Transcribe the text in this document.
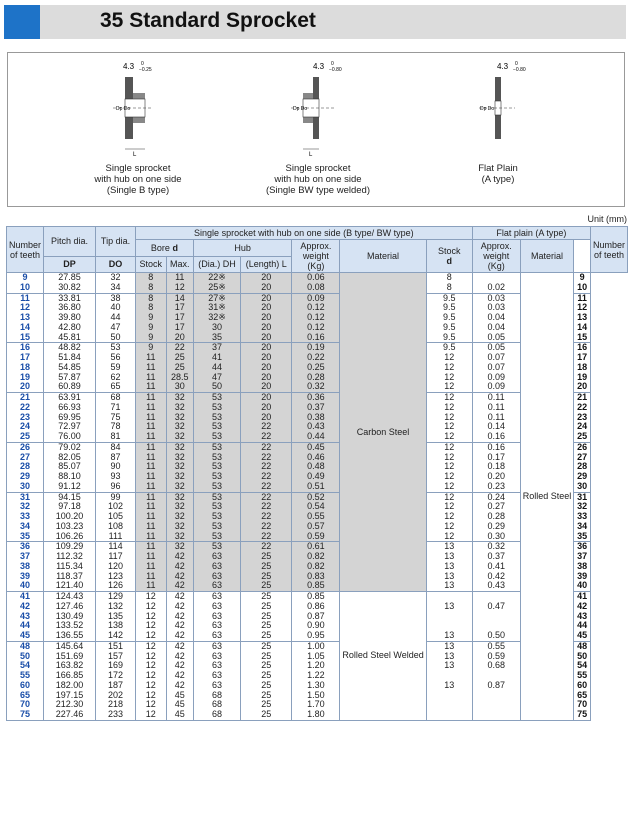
35 Standard Sprocket
4.3 0
−0.25
Dp Do
L
Single sprocket
with hub on one side
(Single B type)
4.3 0
−0.80
Dp Do
L
Single sprocket
with hub on one side
(Single BW type welded)
4.3 0
−0.80
Dp Do
Flat Plain
(A type)
Unit (mm)
Number of teeth	Pitch dia.	Tip dia.	Single sprocket with hub on one side (B type/ BW type)							Flat plain (A type)			Number of teeth
			Bore d		Hub		Approx. weight (Kg)	Material	Stock
d	Approx. weight (Kg)	Material		
	DP	DO	Stock	Max.	(Dia.) DH	(Length) L							
9	27.85	32	8	11	22※	20	0.06	Carbon Steel	8		Rolled Steel	9	
10	30.82	34	8	12	25※	20	0.08		8	0.02		10	
11	33.81	38	8	14	27※	20	0.09		9.5	0.03		11	
12	36.80	40	8	17	31※	20	0.12		9.5	0.03		12	
13	39.80	44	9	17	32※	20	0.12		9.5	0.04		13	
14	42.80	47	9	17	30	20	0.12		9.5	0.04		14	
15	45.81	50	9	20	35	20	0.16		9.5	0.05		15	
16	48.82	53	9	22	37	20	0.19		9.5	0.05		16	
17	51.84	56	11	25	41	20	0.22		12	0.07		17	
18	54.85	59	11	25	44	20	0.25		12	0.07		18	
19	57.87	62	11	28.5	47	20	0.28		12	0.09		19	
20	60.89	65	11	30	50	20	0.32		12	0.09		20	
21	63.91	68	11	32	53	20	0.36		12	0.11		21	
22	66.93	71	11	32	53	20	0.37		12	0.11		22	
23	69.95	75	11	32	53	20	0.38		12	0.11		23	
24	72.97	78	11	32	53	22	0.43		12	0.14		24	
25	76.00	81	11	32	53	22	0.44		12	0.16		25	
26	79.02	84	11	32	53	22	0.45		12	0.16		26	
27	82.05	87	11	32	53	22	0.46		12	0.17		27	
28	85.07	90	11	32	53	22	0.48		12	0.18		28	
29	88.10	93	11	32	53	22	0.49		12	0.20		29	
30	91.12	96	11	32	53	22	0.51		12	0.23		30	
31	94.15	99	11	32	53	22	0.52		12	0.24		31	
32	97.18	102	11	32	53	22	0.54		12	0.27		32	
33	100.20	105	11	32	53	22	0.55		12	0.28		33	
34	103.23	108	11	32	53	22	0.57		12	0.29		34	
35	106.26	111	11	32	53	22	0.59		12	0.30		35	
36	109.29	114	11	32	53	22	0.61		13	0.32		36	
37	112.32	117	11	42	63	25	0.82		13	0.37		37	
38	115.34	120	11	42	63	25	0.82		13	0.41		38	
39	118.37	123	11	42	63	25	0.83		13	0.42		39	
40	121.40	126	11	42	63	25	0.85		13	0.43		40	
41	124.43	129	12	42	63	25	0.85	Rolled Steel Welded				41	
42	127.46	132	12	42	63	25	0.86		13	0.47		42	
43	130.49	135	12	42	63	25	0.87					43	
44	133.52	138	12	42	63	25	0.90					44	
45	136.55	142	12	42	63	25	0.95		13	0.50		45	
48	145.64	151	12	42	63	25	1.00		13	0.55		48	
50	151.69	157	12	42	63	25	1.05		13	0.59		50	
54	163.82	169	12	42	63	25	1.20		13	0.68		54	
55	166.85	172	12	42	63	25	1.22					55	
60	182.00	187	12	42	63	25	1.30		13	0.87		60	
65	197.15	202	12	45	68	25	1.50					65	
70	212.30	218	12	45	68	25	1.70					70	
75	227.46	233	12	45	68	25	1.80					75	
